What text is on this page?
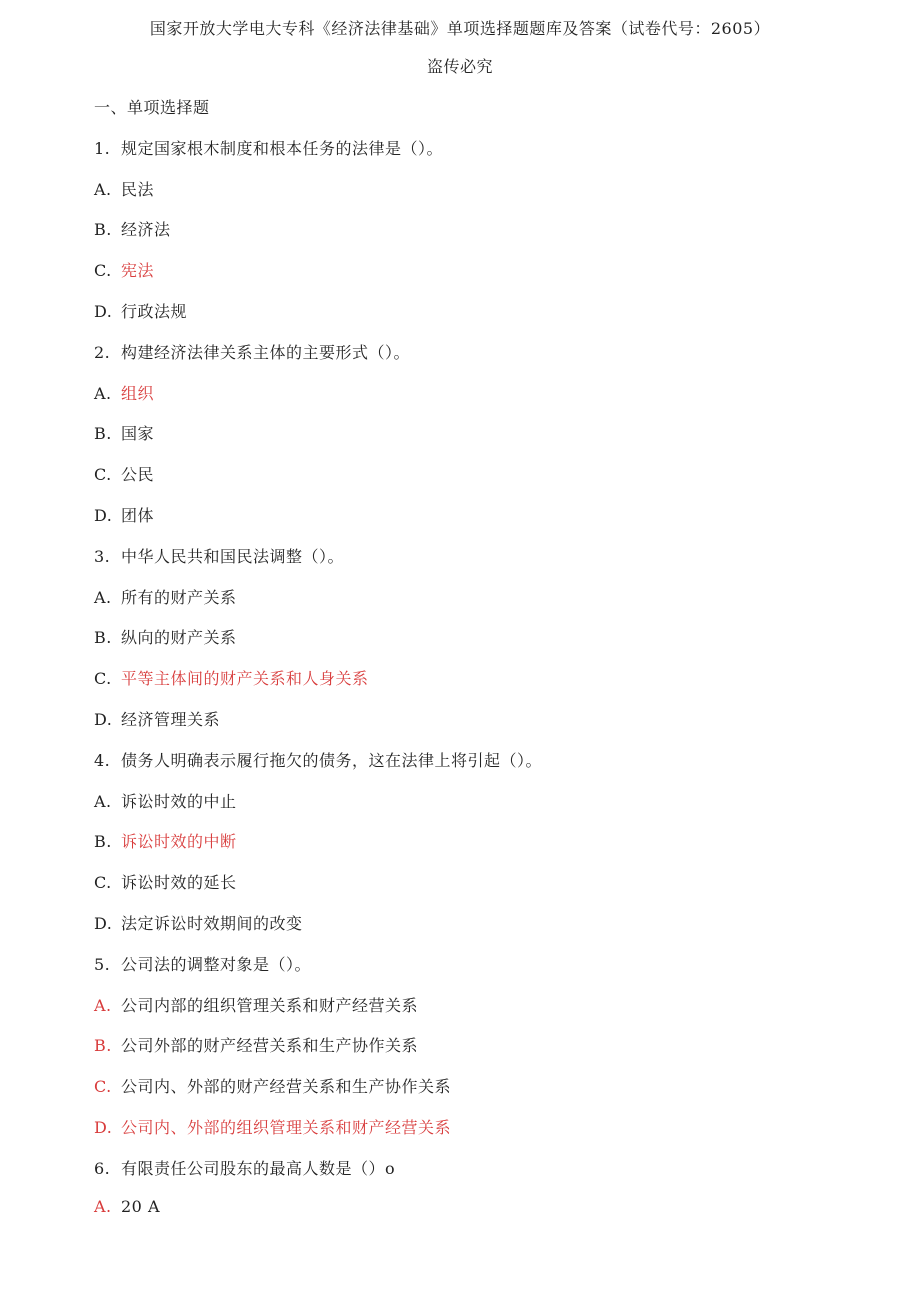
国家开放大学电大专科《经济法律基础》单项选择题题库及答案（试卷代号：2605）
盗传必究
一、单项选择题
1. 规定国家根木制度和根本任务的法律是（）。
A. 民法
B. 经济法
C. 宪法
D. 行政法规
2. 构建经济法律关系主体的主要形式（）。
A. 组织
B. 国家
C. 公民
D. 团体
3. 中华人民共和国民法调整（）。
A. 所有的财产关系
B. 纵向的财产关系
C. 平等主体间的财产关系和人身关系
D. 经济管理关系
4. 债务人明确表示履行拖欠的债务，这在法律上将引起（）。
A. 诉讼时效的中止
B. 诉讼时效的中断
C. 诉讼时效的延长
D. 法定诉讼时效期间的改变
5. 公司法的调整对象是（）。
A. 公司内部的组织管理关系和财产经营关系
B. 公司外部的财产经营关系和生产协作关系
C. 公司内、外部的财产经营关系和生产协作关系
D. 公司内、外部的组织管理关系和财产经营关系
6. 有限责任公司股东的最高人数是（）o
A. 20 A
